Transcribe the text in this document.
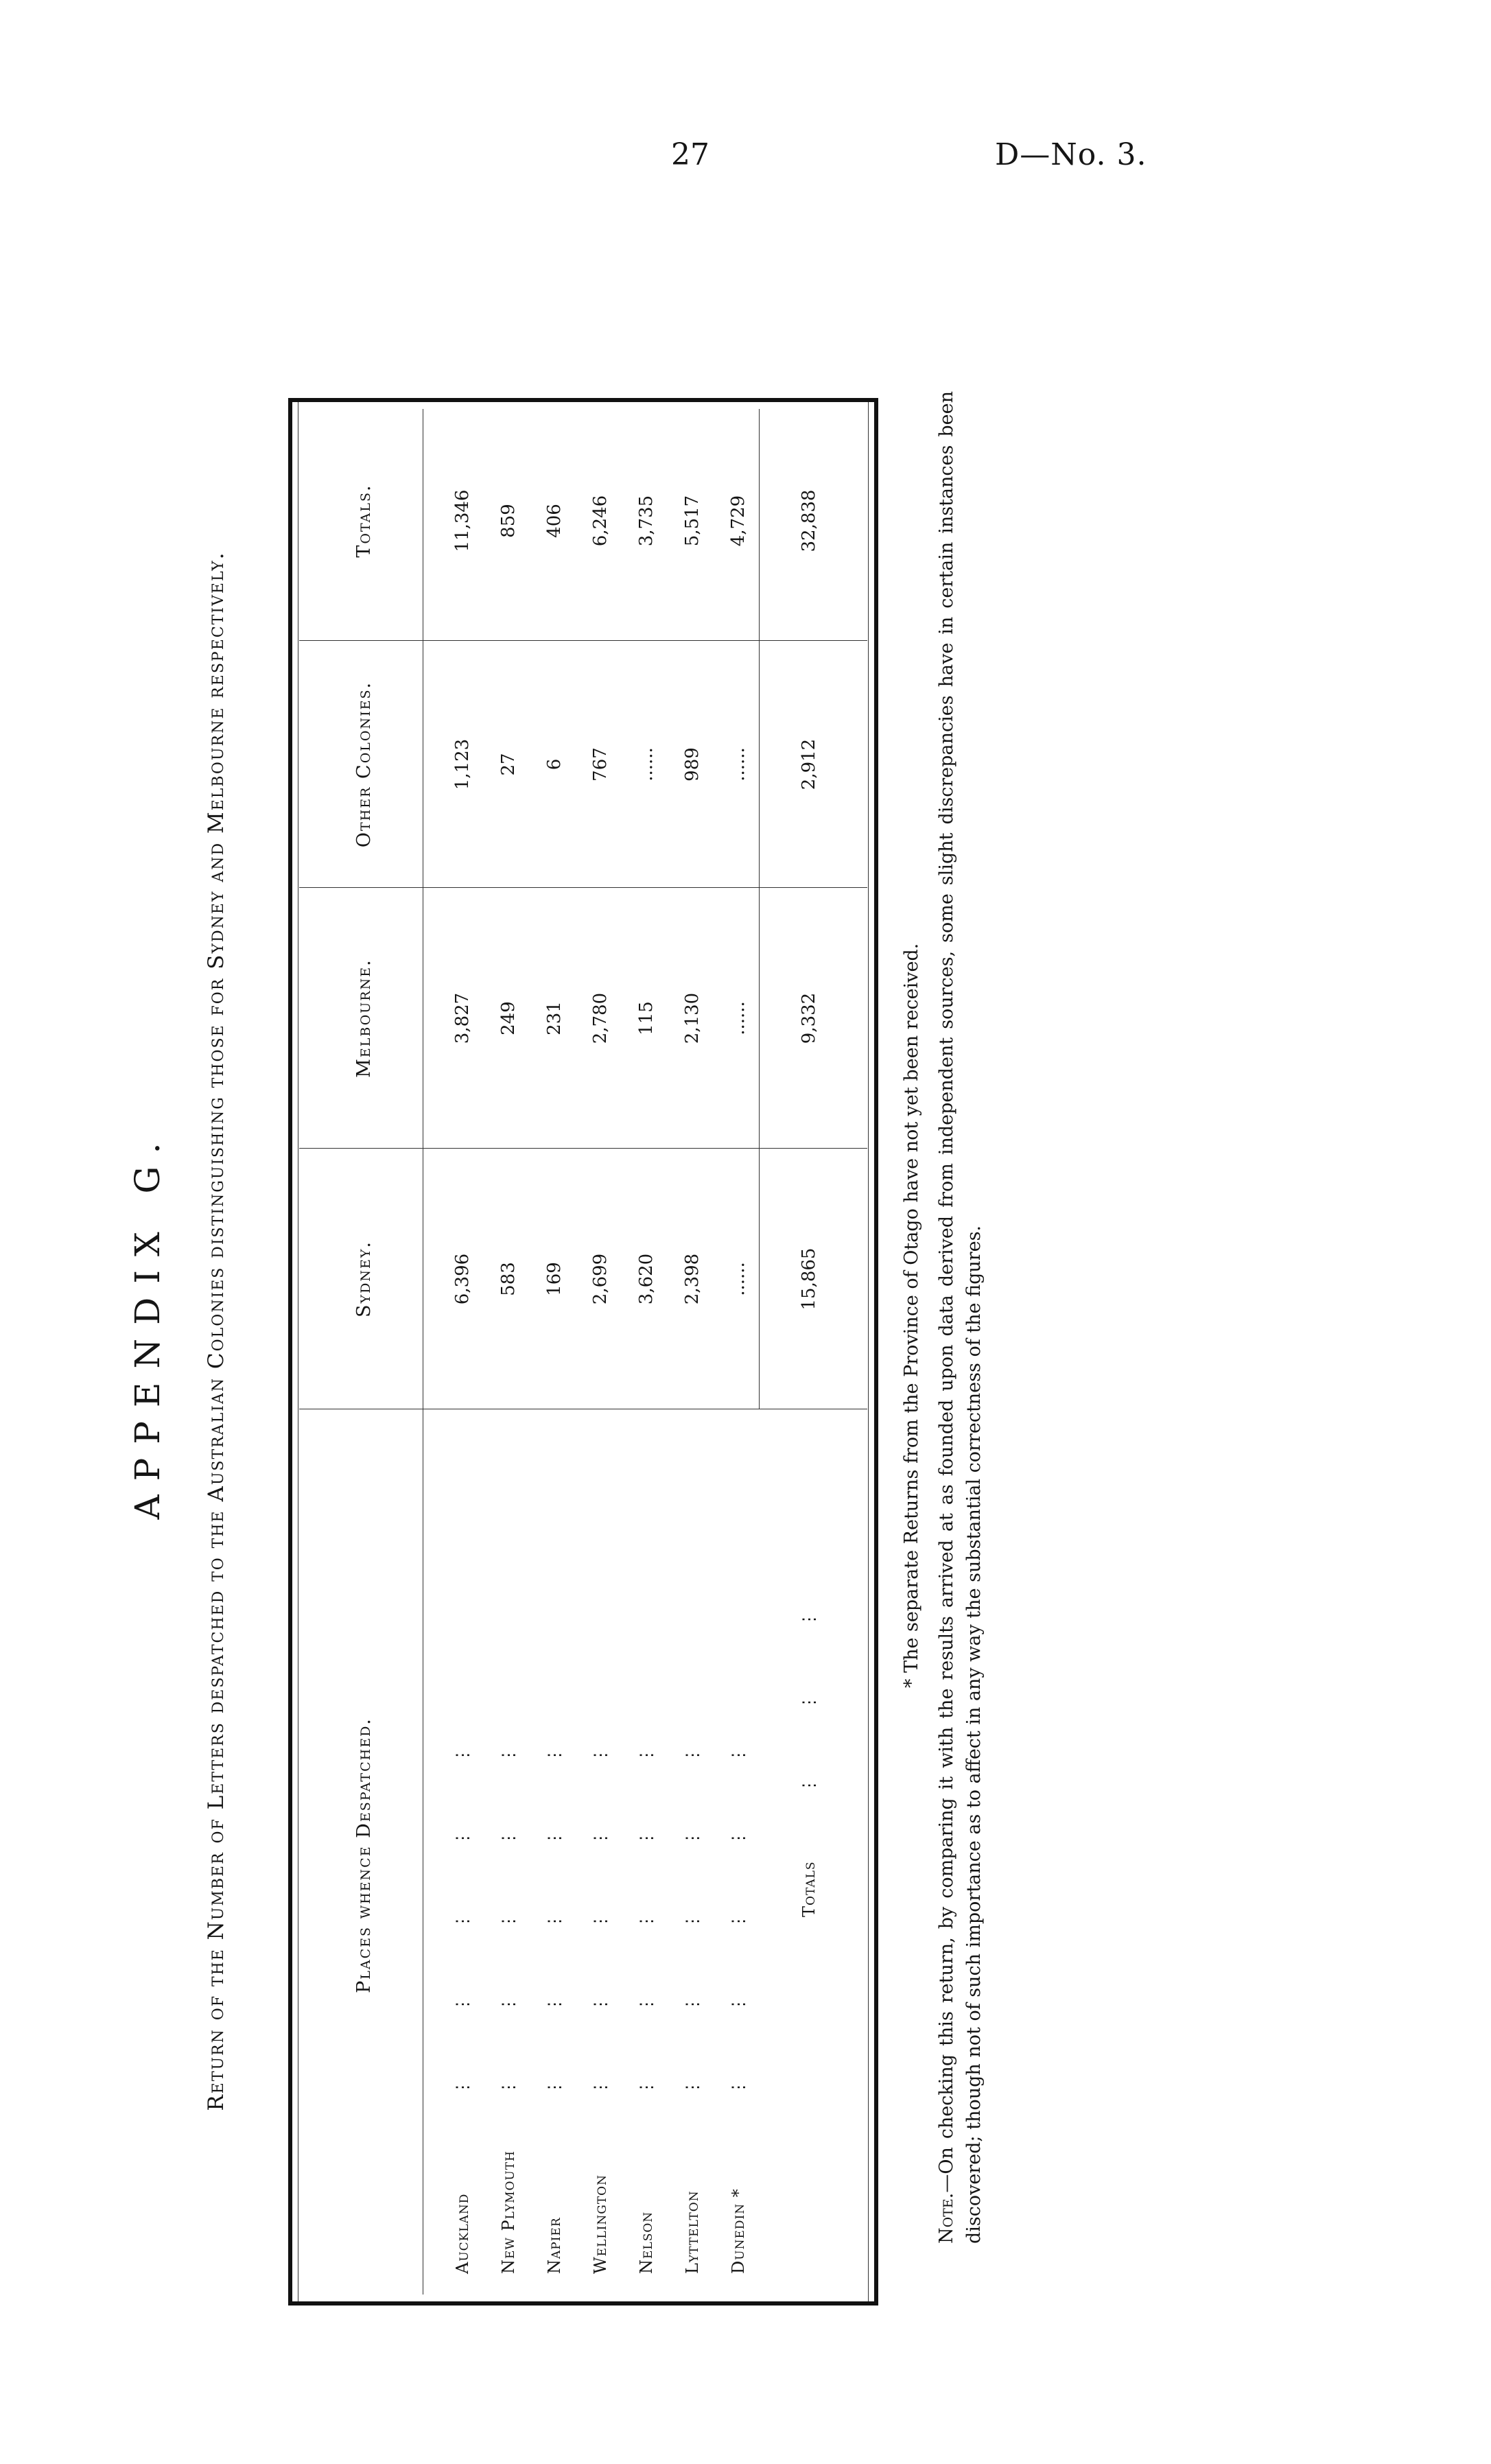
27	D—No. 3.
APPENDIX G. Return of the Number of Letters despatched to the Australian Colonies distinguishing those for Sydney and Melbourne respectively.	Places whence Despatched.
Sydney.
Melbourne.
Other Colonies.
Totals.
Auckland
⋮        ⋮        ⋮        ⋮        ⋮
6,396
3,827
1,123
11,346
New Plymouth
⋮        ⋮        ⋮        ⋮        ⋮
583
249
27
859
Napier
⋮        ⋮        ⋮        ⋮        ⋮
169
231
6
406
Wellington
⋮        ⋮        ⋮        ⋮        ⋮
2,699
2,780
767
6,246
Nelson
⋮        ⋮        ⋮        ⋮        ⋮
3,620
115
......
3,735
Lyttelton
⋮        ⋮        ⋮        ⋮        ⋮
2,398
2,130
989
5,517
Dunedin *
⋮        ⋮        ⋮        ⋮        ⋮
......
......
......
4,729
Totals
⋮        ⋮        ⋮
15,865
9,332
2,912
32,838
* The separate Returns from the Province of Otago have not yet been received.
Note.—On checking this return, by comparing it with the results arrived at as founded upon data derived from independent sources, some slight discrepancies have in certain instances been discovered; though not of such importance as to affect in any way the substantial correctness of the figures.
